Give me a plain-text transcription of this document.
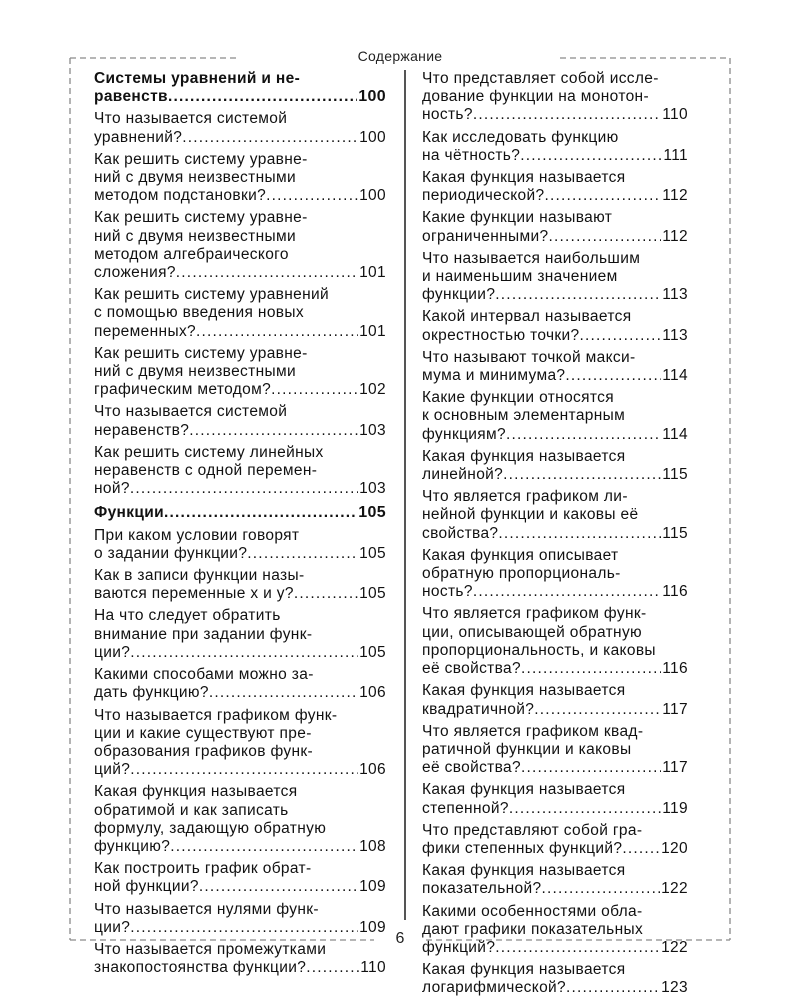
Содержание
Системы уравнений и не-
равенств .....	100
Что называется системой
уравнений? .....	100
Как решить систему уравне-
ний с двумя неизвестными
методом подстановки? .....	100
Как решить систему уравне-
ний с двумя неизвестными
методом алгебраического
сложения? .....	101
Как решить систему уравнений
с помощью введения новых
переменных? .....	101
Как решить систему уравне-
ний с двумя неизвестными
графическим методом? .....	102
Что называется системой
неравенств? .....	103
Как решить систему линейных
неравенств с одной перемен-
ной? .....	103
Функции .....	105
При каком условии говорят
о задании функции? .....	105
Как в записи функции назы-
ваются переменные x и y? .....	105
На что следует обратить
внимание при задании функ-
ции? .....	105
Какими способами можно за-
дать функцию? .....	106
Что называется графиком функ-
ции и какие существуют пре-
образования графиков функ-
ций? .....	106
Какая функция называется
обратимой и как записать
формулу, задающую обратную
функцию? .....	108
Как построить график обрат-
ной функции? .....	109
Что называется нулями функ-
ции? .....	109
Что называется промежутками
знакопостоянства функции? .....	110
Что представляет собой иссле-
дование функции на монотон-
ность? .....	110
Как исследовать функцию
на чётность? .....	111
Какая функция называется
периодической? .....	112
Какие функции называют
ограниченными? .....	112
Что называется наибольшим
и наименьшим значением
функции? .....	113
Какой интервал называется
окрестностью точки? .....	113
Что называют точкой макси-
мума и минимума? .....	114
Какие функции относятся
к основным элементарным
функциям? .....	114
Какая функция называется
линейной? .....	115
Что является графиком ли-
нейной функции и каковы её
свойства? .....	115
Какая функция описывает
обратную пропорциональ-
ность? .....	116
Что является графиком функ-
ции, описывающей обратную
пропорциональность, и каковы
её свойства? .....	116
Какая функция называется
квадратичной? .....	117
Что является графиком квад-
ратичной функции и каковы
её свойства? .....	117
Какая функция называется
степенной? .....	119
Что представляют собой гра-
фики степенных функций? .....	120
Какая функция называется
показательной? .....	122
Какими особенностями обла-
дают графики показательных
функций? .....	122
Какая функция называется
логарифмической? .....	123
6
